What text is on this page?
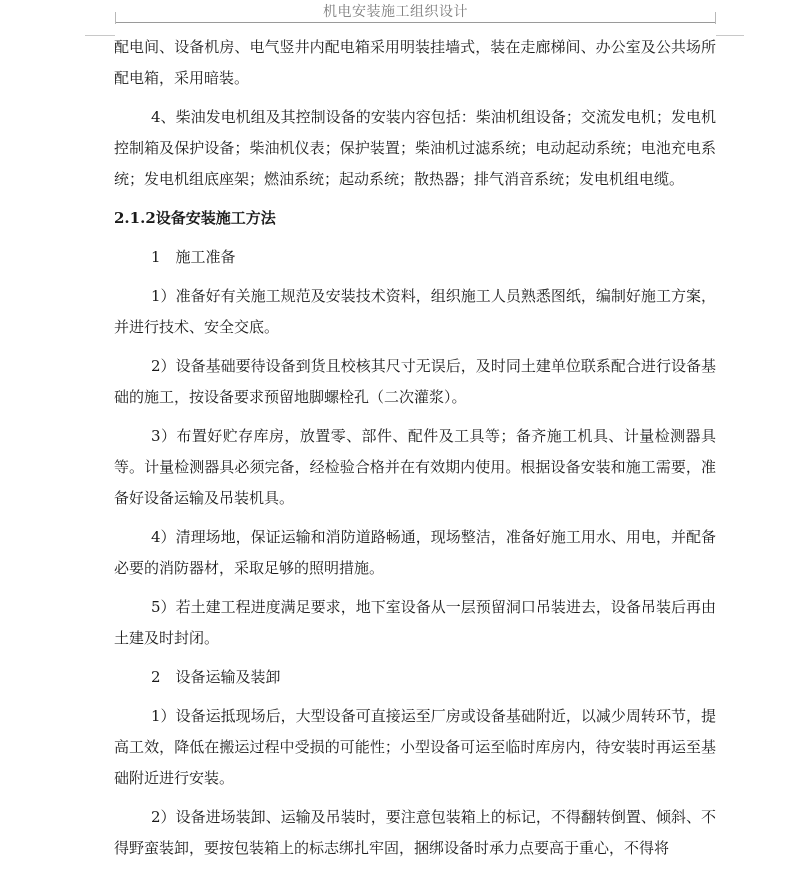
机电安装施工组织设计

配电间、设备机房、电气竖井内配电箱采用明装挂墙式，装在走廊梯间、办公室及公共场所配电箱，采用暗装。

4、柴油发电机组及其控制设备的安装内容包括：柴油机组设备；交流发电机；发电机控制箱及保护设备；柴油机仪表；保护装置；柴油机过滤系统；电动起动系统；电池充电系统；发电机组底座架；燃油系统；起动系统；散热器；排气消音系统；发电机组电缆。

2.1.2设备安装施工方法

1　施工准备

1）准备好有关施工规范及安装技术资料，组织施工人员熟悉图纸，编制好施工方案，并进行技术、安全交底。

2）设备基础要待设备到货且校核其尺寸无误后，及时同土建单位联系配合进行设备基础的施工，按设备要求预留地脚螺栓孔（二次灌浆）。

3）布置好贮存库房，放置零、部件、配件及工具等；备齐施工机具、计量检测器具等。计量检测器具必须完备，经检验合格并在有效期内使用。根据设备安装和施工需要，准备好设备运输及吊装机具。

4）清理场地，保证运输和消防道路畅通，现场整洁，准备好施工用水、用电，并配备必要的消防器材，采取足够的照明措施。

5）若土建工程进度满足要求，地下室设备从一层预留洞口吊装进去，设备吊装后再由土建及时封闭。

2　设备运输及装卸

1）设备运抵现场后，大型设备可直接运至厂房或设备基础附近，以减少周转环节，提高工效，降低在搬运过程中受损的可能性；小型设备可运至临时库房内，待安装时再运至基础附近进行安装。

2）设备进场装卸、运输及吊装时，要注意包装箱上的标记，不得翻转倒置、倾斜、不得野蛮装卸，要按包装箱上的标志绑扎牢固，捆绑设备时承力点要高于重心，不得将
